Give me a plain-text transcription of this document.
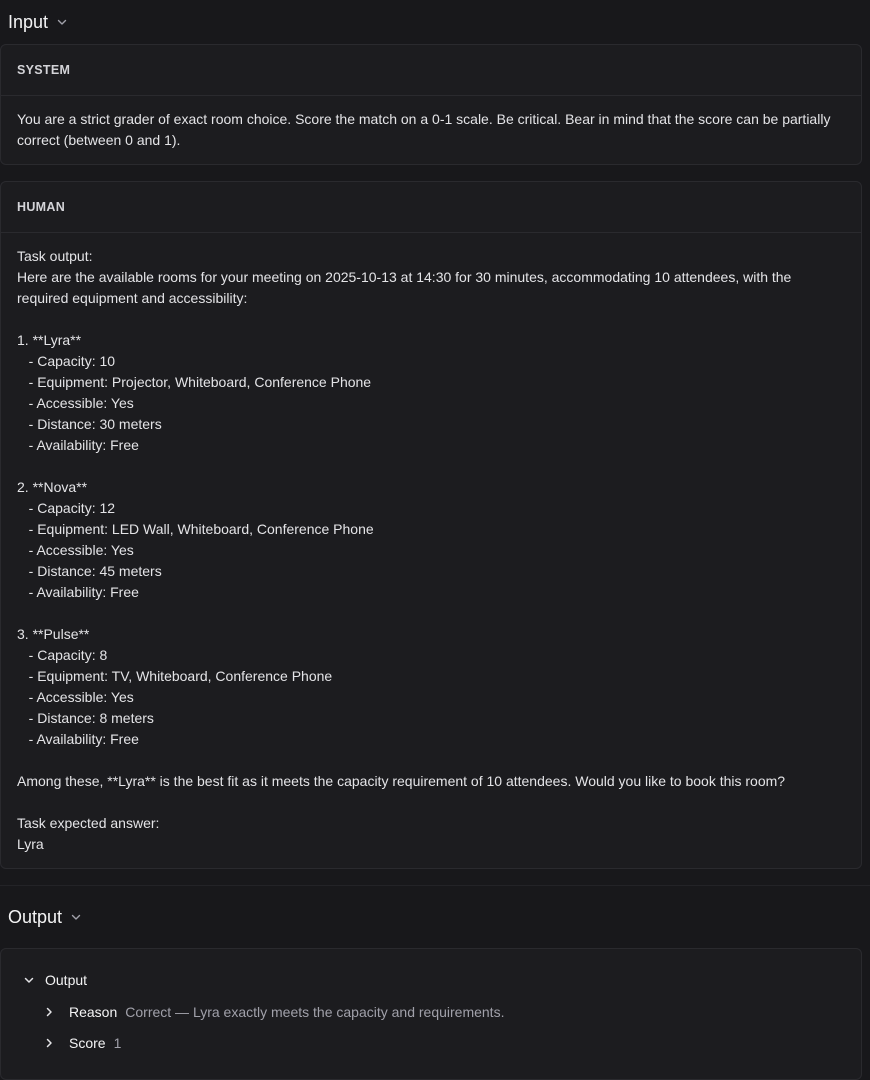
Input
SYSTEM
You are a strict grader of exact room choice. Score the match on a 0-1 scale. Be critical. Bear in mind that the score can be partially correct (between 0 and 1).
HUMAN
Task output:
Here are the available rooms for your meeting on 2025-10-13 at 14:30 for 30 minutes, accommodating 10 attendees, with the required equipment and accessibility:

1. **Lyra**
- Capacity: 10
- Equipment: Projector, Whiteboard, Conference Phone
- Accessible: Yes
- Distance: 30 meters
- Availability: Free

2. **Nova**
- Capacity: 12
- Equipment: LED Wall, Whiteboard, Conference Phone
- Accessible: Yes
- Distance: 45 meters
- Availability: Free

3. **Pulse**
- Capacity: 8
- Equipment: TV, Whiteboard, Conference Phone
- Accessible: Yes
- Distance: 8 meters
- Availability: Free

Among these, **Lyra** is the best fit as it meets the capacity requirement of 10 attendees. Would you like to book this room?

Task expected answer:
Lyra
Output
Output
Reason Correct — Lyra exactly meets the capacity and requirements.
Score 1
